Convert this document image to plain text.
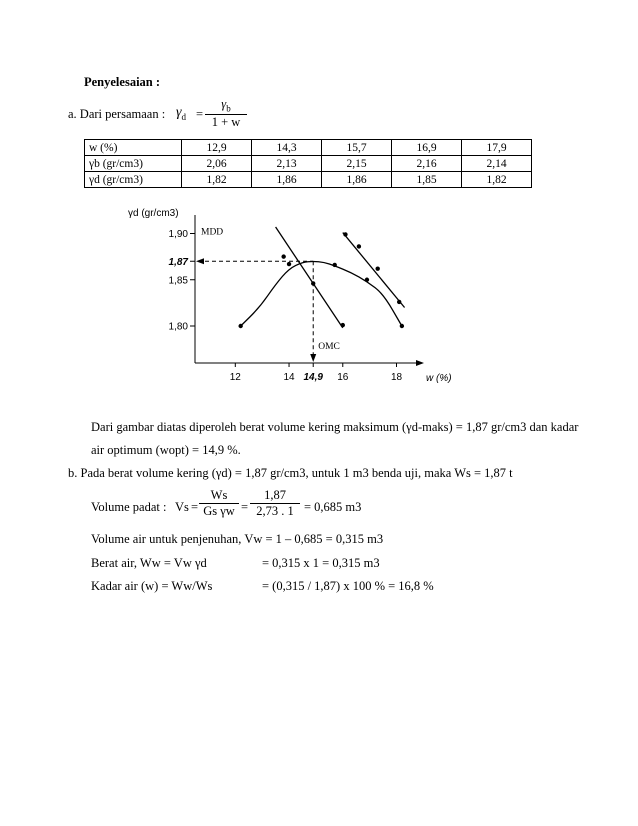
Penyelesaian :
a. Dari persamaan : $\gamma_d = \frac{\gamma_b}{1 + w}$
w (%)	12,9	14,3	15,7	16,9	17,9
γb (gr/cm3)	2,06	2,13	2,15	2,16	2,14
γd (gr/cm3)	1,82	1,86	1,86	1,85	1,82
1,90
1,87
1,85
1,80
12	14 14,9 16	18
γd (gr/cm3)
w (%)
MDD
OMC
Dari gambar diatas diperoleh berat volume kering maksimum (γd-maks) = 1,87 gr/cm3 dan kadar
air optimum (wopt) = 14,9 %.
b. Pada berat volume kering (γd) = 1,87 gr/cm3, untuk 1 m3 benda uji, maka Ws = 1,87 t
Volume padat : $Vs = \frac{Ws}{\text{Gs γw}} = \frac{1,87}{2,73 . 1} = 0,685$ m3
Volume air untuk penjenuhan, Vw = 1 – 0,685 = 0,315 m3
Berat air, Ww = Vw γd	= 0,315 x 1 = 0,315 m3
Kadar air (w) = Ww/Ws	= (0,315 / 1,87) x 100 % = 16,8 %
